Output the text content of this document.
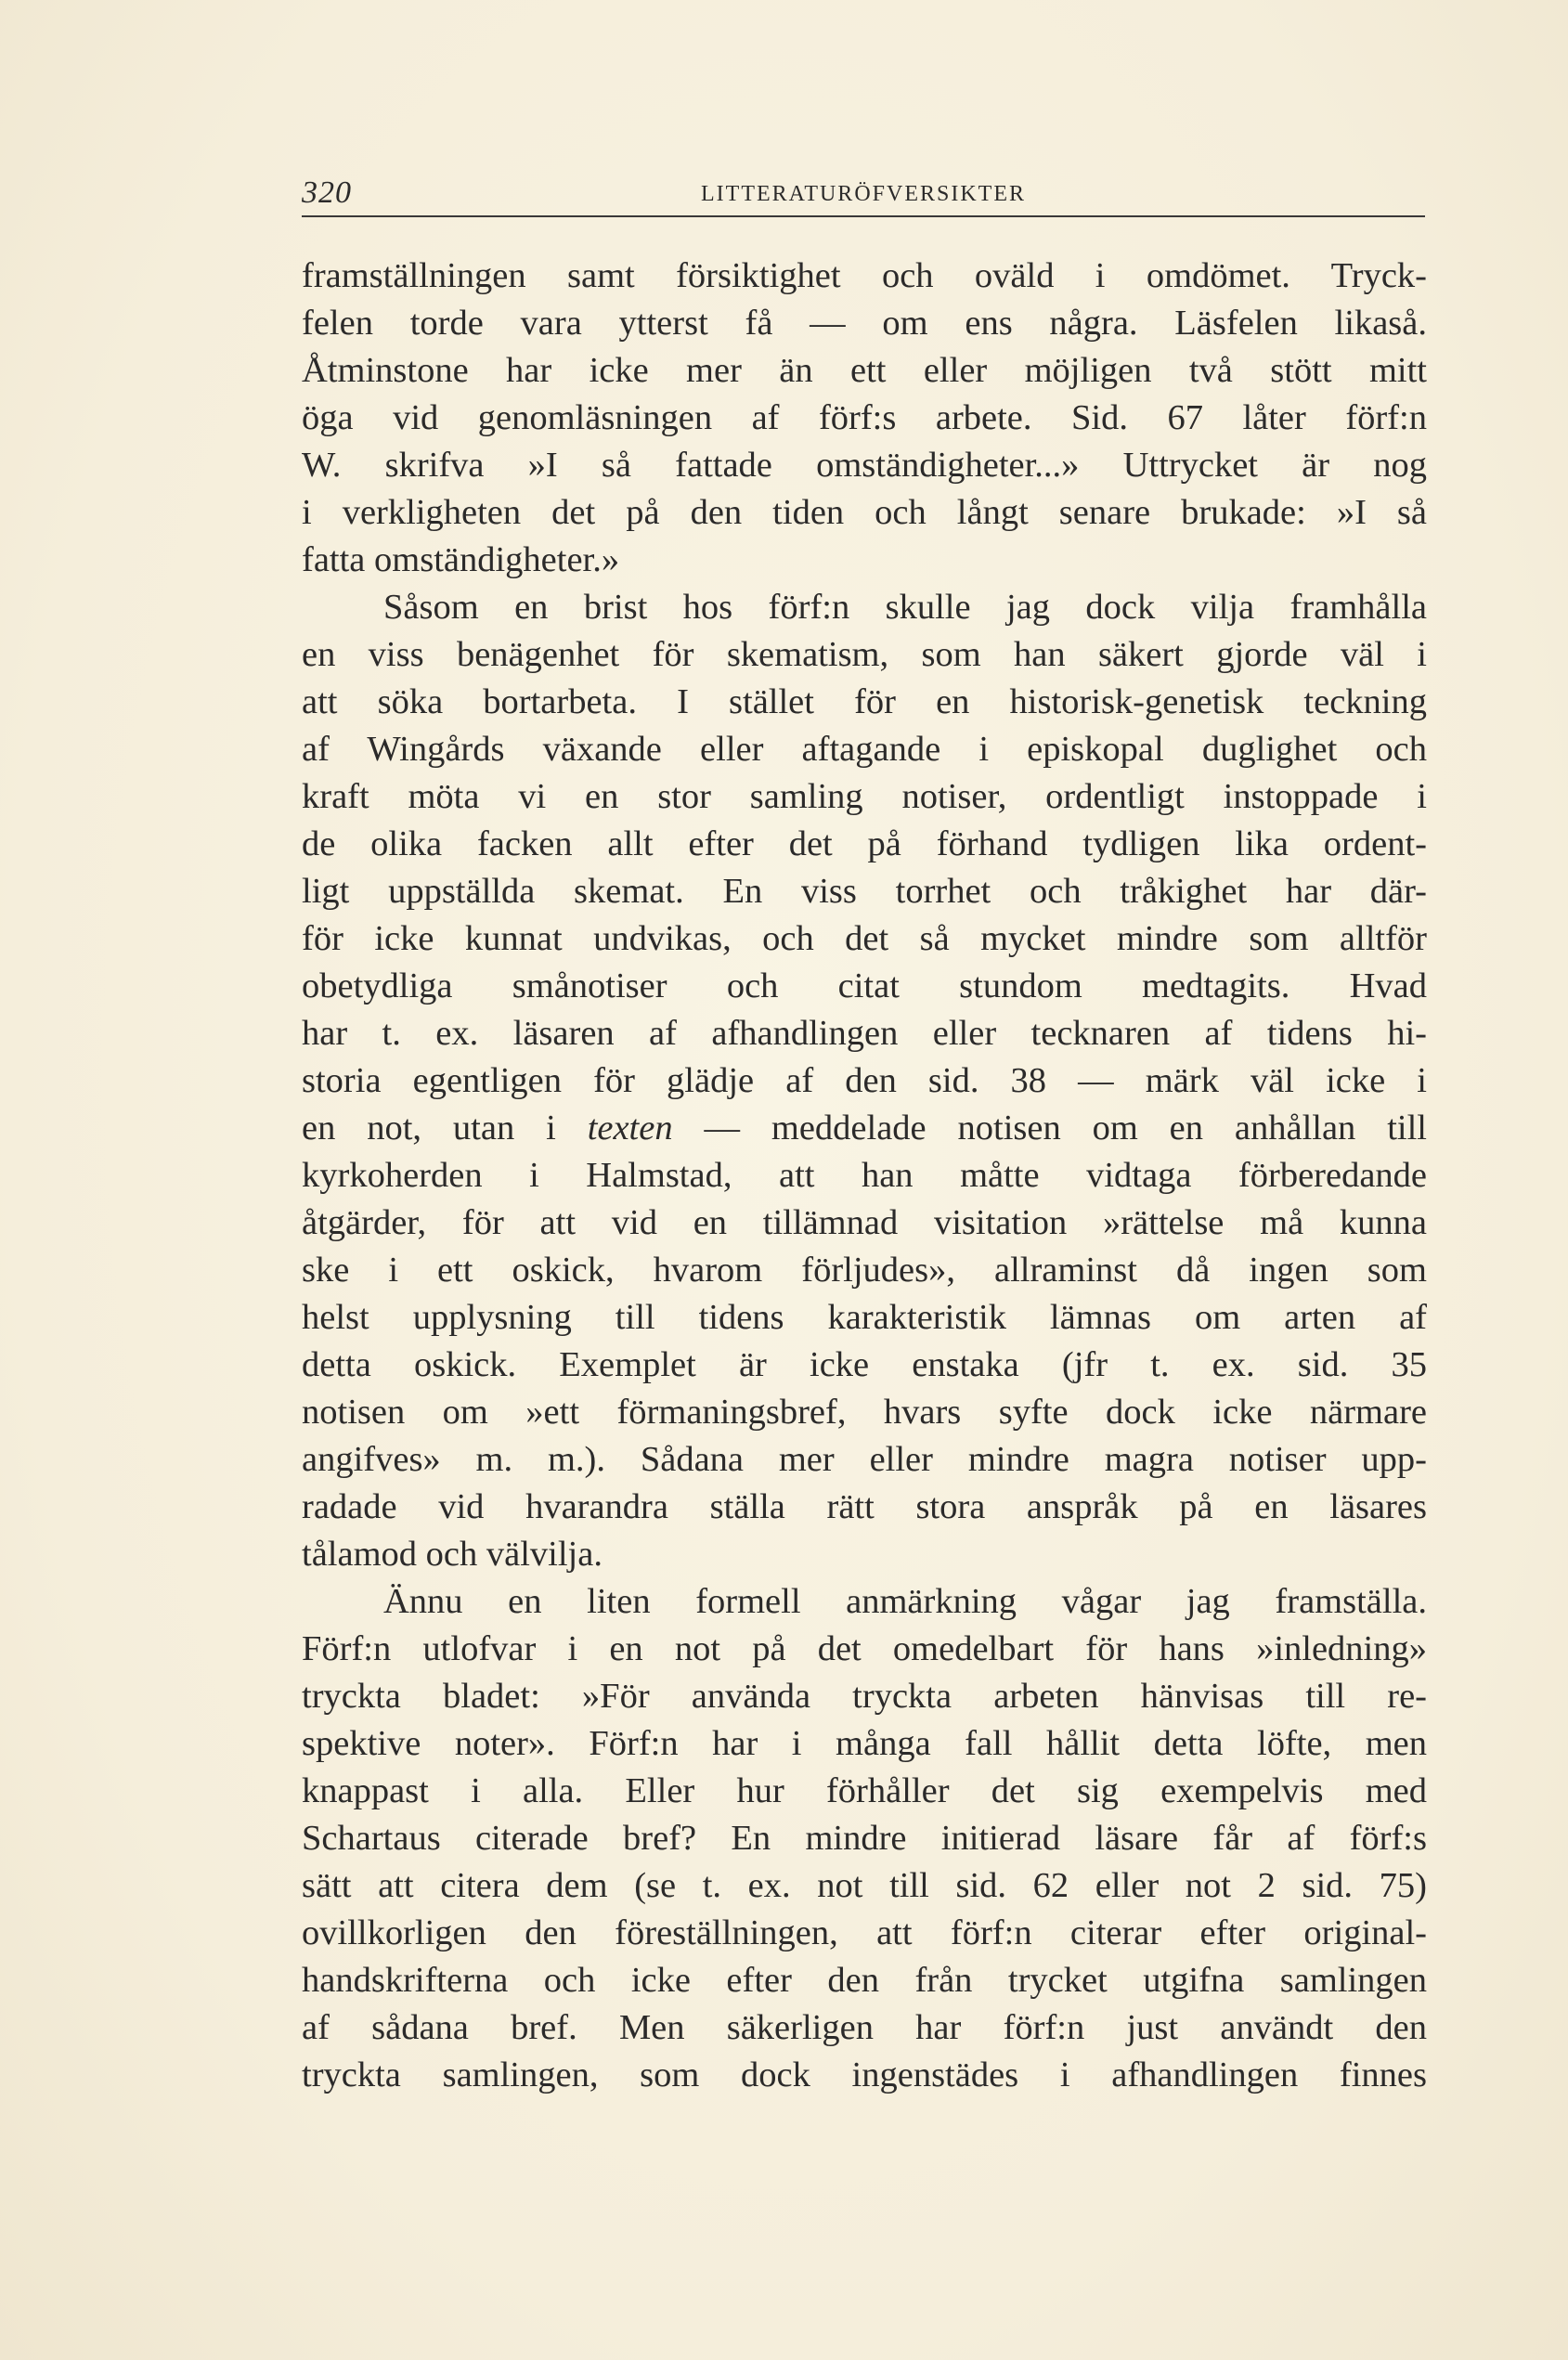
320	LITTERATURÖFVERSIKTER
framställningen samt försiktighet och oväld i omdömet. Tryck-
felen torde vara ytterst få — om ens några. Läsfelen likaså.
Åtminstone har icke mer än ett eller möjligen två stött mitt
öga vid genomläsningen af förf:s arbete. Sid. 67 låter förf:n
W. skrifva »I så fattade omständigheter...» Uttrycket är nog
i verkligheten det på den tiden och långt senare brukade: »I så
fatta omständigheter.»
Såsom en brist hos förf:n skulle jag dock vilja framhålla
en viss benägenhet för skematism, som han säkert gjorde väl i
att söka bortarbeta. I stället för en historisk-genetisk teckning
af Wingårds växande eller aftagande i episkopal duglighet och
kraft möta vi en stor samling notiser, ordentligt instoppade i
de olika facken allt efter det på förhand tydligen lika ordent-
ligt uppställda skemat. En viss torrhet och tråkighet har där-
för icke kunnat undvikas, och det så mycket mindre som alltför
obetydliga smånotiser och citat stundom medtagits. Hvad
har t. ex. läsaren af afhandlingen eller tecknaren af tidens hi-
storia egentligen för glädje af den sid. 38 — märk väl icke i
en not, utan i texten — meddelade notisen om en anhållan till
kyrkoherden i Halmstad, att han måtte vidtaga förberedande
åtgärder, för att vid en tillämnad visitation »rättelse må kunna
ske i ett oskick, hvarom förljudes», allraminst då ingen som
helst upplysning till tidens karakteristik lämnas om arten af
detta oskick. Exemplet är icke enstaka (jfr t. ex. sid. 35
notisen om »ett förmaningsbref, hvars syfte dock icke närmare
angifves» m. m.). Sådana mer eller mindre magra notiser upp-
radade vid hvarandra ställa rätt stora anspråk på en läsares
tålamod och välvilja.
Ännu en liten formell anmärkning vågar jag framställa.
Förf:n utlofvar i en not på det omedelbart för hans »inledning»
tryckta bladet: »För använda tryckta arbeten hänvisas till re-
spektive noter». Förf:n har i många fall hållit detta löfte, men
knappast i alla. Eller hur förhåller det sig exempelvis med
Schartaus citerade bref? En mindre initierad läsare får af förf:s
sätt att citera dem (se t. ex. not till sid. 62 eller not 2 sid. 75)
ovillkorligen den föreställningen, att förf:n citerar efter original-
handskrifterna och icke efter den från trycket utgifna samlingen
af sådana bref. Men säkerligen har förf:n just användt den
tryckta samlingen, som dock ingenstädes i afhandlingen finnes
